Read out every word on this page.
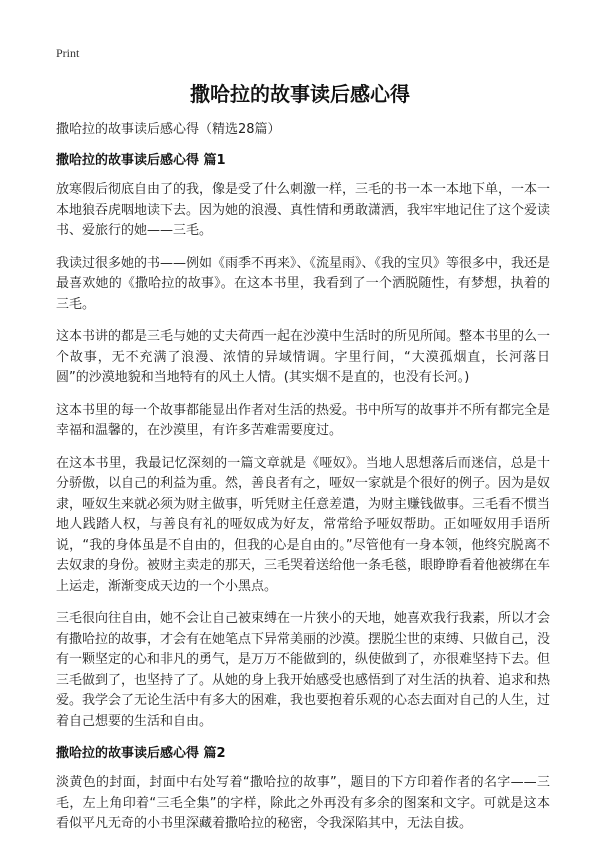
Print
撒哈拉的故事读后感心得

撒哈拉的故事读后感心得（精选28篇）

撒哈拉的故事读后感心得 篇1

放寒假后彻底自由了的我，像是受了什么刺激一样，三毛的书一本一本地下单，一本一本地狼吞虎咽地读下去。因为她的浪漫、真性情和勇敢潇洒，我牢牢地记住了这个爱读书、爱旅行的她——三毛。

我读过很多她的书——例如《雨季不再来》、《流星雨》、《我的宝贝》等很多中，我还是最喜欢她的《撒哈拉的故事》。在这本书里，我看到了一个洒脱随性，有梦想，执着的三毛。

这本书讲的都是三毛与她的丈夫荷西一起在沙漠中生活时的所见所闻。整本书里的么一个故事，无不充满了浪漫、浓情的异域情调。字里行间，“大漠孤烟直，长河落日圆”的沙漠地貌和当地特有的风土人情。(其实烟不是直的，也没有长河。)

这本书里的每一个故事都能显出作者对生活的热爱。书中所写的故事并不所有都完全是幸福和温馨的，在沙漠里，有许多苦难需要度过。

在这本书里，我最记忆深刻的一篇文章就是《哑奴》。当地人思想落后而迷信，总是十分骄傲，以自己的利益为重。然，善良者有之，哑奴一家就是个很好的例子。因为是奴隶，哑奴生来就必须为财主做事，听凭财主任意差遣，为财主赚钱做事。三毛看不惯当地人践踏人权，与善良有礼的哑奴成为好友，常常给予哑奴帮助。正如哑奴用手语所说，“我的身体虽是不自由的，但我的心是自由的。”尽管他有一身本领，他终究脱离不去奴隶的身份。被财主卖走的那天，三毛哭着送给他一条毛毯，眼睁睁看着他被绑在车上运走，渐渐变成天边的一个小黑点。

三毛很向往自由，她不会让自己被束缚在一片狭小的天地，她喜欢我行我素，所以才会有撒哈拉的故事，才会有在她笔点下异常美丽的沙漠。摆脱尘世的束缚、只做自己，没有一颗坚定的心和非凡的勇气，是万万不能做到的，纵使做到了，亦很难坚持下去。但三毛做到了，也坚持了了。从她的身上我开始感受也感悟到了对生活的执着、追求和热爱。我学会了无论生活中有多大的困难，我也要抱着乐观的心态去面对自己的人生，过着自己想要的生活和自由。

撒哈拉的故事读后感心得 篇2

淡黄色的封面，封面中右处写着“撒哈拉的故事”，题目的下方印着作者的名字——三毛，左上角印着“三毛全集”的字样，除此之外再没有多余的图案和文字。可就是这本看似平凡无奇的小书里深藏着撒哈拉的秘密，令我深陷其中，无法自拔。
